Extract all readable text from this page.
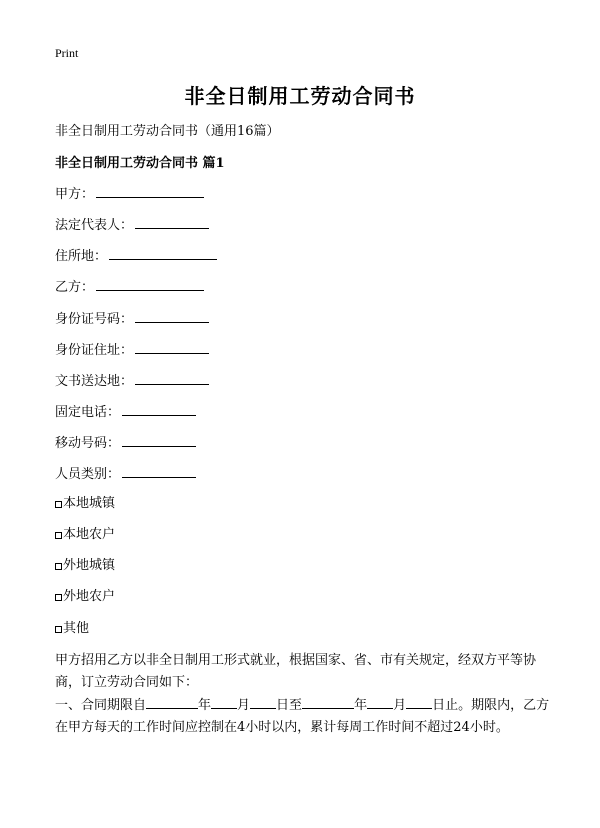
Print
非全日制用工劳动合同书
非全日制用工劳动合同书（通用16篇）
非全日制用工劳动合同书 篇1
甲方：
法定代表人：
住所地：
乙方：
身份证号码：
身份证住址：
文书送达地：
固定电话：
移动号码：
人员类别：
本地城镇
本地农户
外地城镇
外地农户
其他
甲方招用乙方以非全日制用工形式就业，根据国家、省、市有关规定，经双方平等协商，订立劳动合同如下：
一、合同期限自	年 月 日至	年 月 日止。期限内，乙方在甲方每天的工作时间应控制在4小时以内，累计每周工作时间不超过24小时。
